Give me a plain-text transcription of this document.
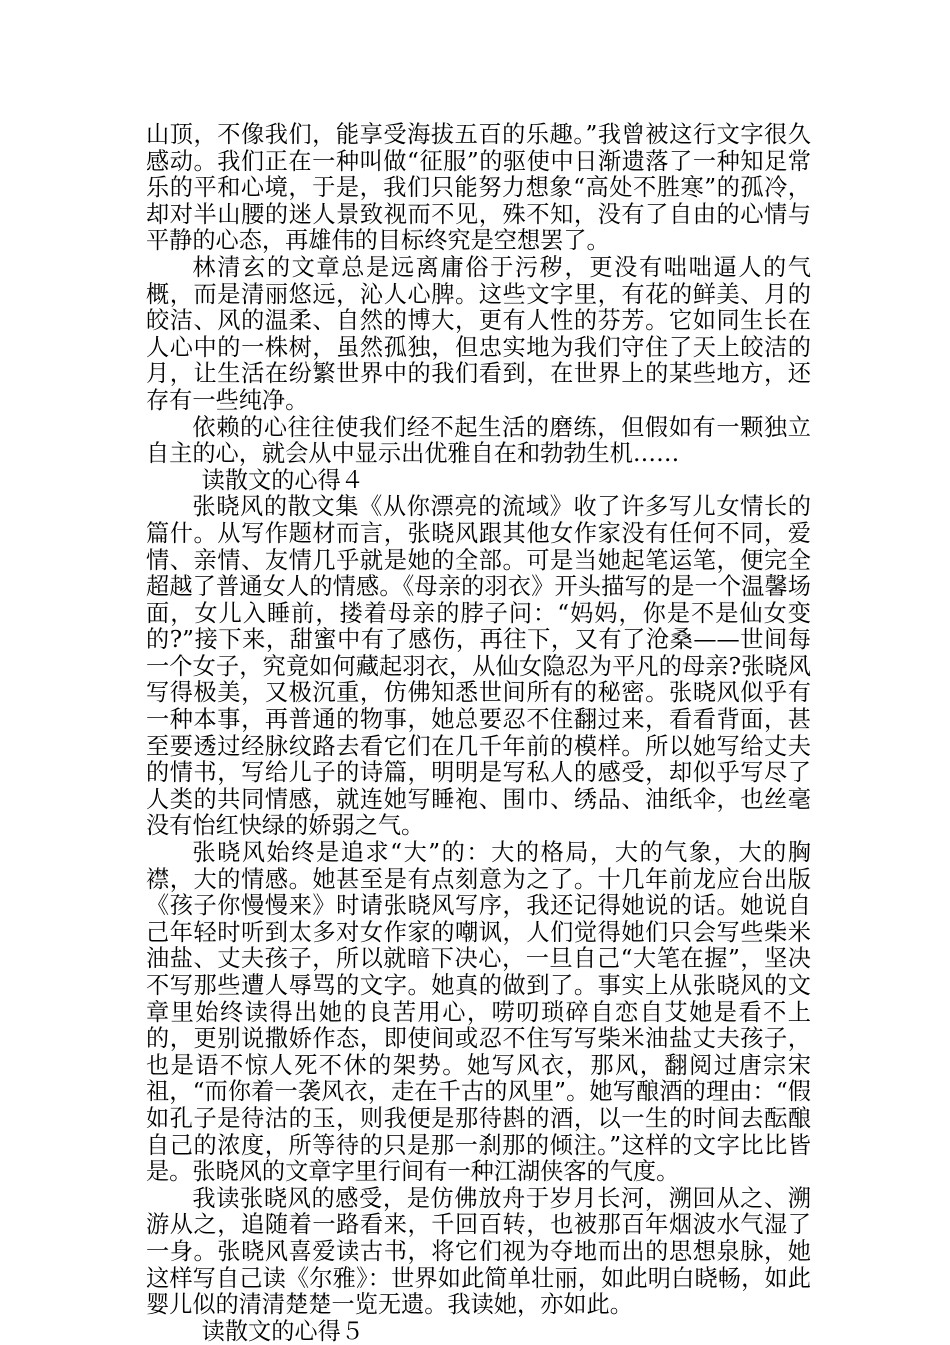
山顶，不像我们，能享受海拔五百的乐趣。”我曾被这行文字很久感动。我们正在一种叫做“征服”的驱使中日渐遗落了一种知足常乐的平和心境，于是，我们只能努力想象“高处不胜寒”的孤冷，却对半山腰的迷人景致视而不见，殊不知，没有了自由的心情与平静的心态，再雄伟的目标终究是空想罢了。

林清玄的文章总是远离庸俗于污秽，更没有咄咄逼人的气概，而是清丽悠远，沁人心脾。这些文字里，有花的鲜美、月的皎洁、风的温柔、自然的博大，更有人性的芬芳。它如同生长在人心中的一株树，虽然孤独，但忠实地为我们守住了天上皎洁的月，让生活在纷繁世界中的我们看到，在世界上的某些地方，还存有一些纯净。

依赖的心往往使我们经不起生活的磨练，但假如有一颗独立自主的心，就会从中显示出优雅自在和勃勃生机……

读散文的心得４

张晓风的散文集《从你漂亮的流域》收了许多写儿女情长的篇什。从写作题材而言，张晓风跟其他女作家没有任何不同，爱情、亲情、友情几乎就是她的全部。可是当她起笔运笔，便完全超越了普通女人的情感。《母亲的羽衣》开头描写的是一个温馨场面，女儿入睡前，搂着母亲的脖子问：“妈妈，你是不是仙女变的?”接下来，甜蜜中有了感伤，再往下，又有了沧桑——世间每一个女子，究竟如何藏起羽衣，从仙女隐忍为平凡的母亲?张晓风写得极美，又极沉重，仿佛知悉世间所有的秘密。张晓风似乎有一种本事，再普通的物事，她总要忍不住翻过来，看看背面，甚至要透过经脉纹路去看它们在几千年前的模样。所以她写给丈夫的情书，写给儿子的诗篇，明明是写私人的感受，却似乎写尽了人类的共同情感，就连她写睡袍、围巾、绣品、油纸伞，也丝毫没有怡红快绿的娇弱之气。

张晓风始终是追求“大”的：大的格局，大的气象，大的胸襟，大的情感。她甚至是有点刻意为之了。十几年前龙应台出版《孩子你慢慢来》时请张晓风写序，我还记得她说的话。她说自己年轻时听到太多对女作家的嘲讽，人们觉得她们只会写些柴米油盐、丈夫孩子，所以就暗下决心，一旦自己“大笔在握”，坚决不写那些遭人辱骂的文字。她真的做到了。事实上从张晓风的文章里始终读得出她的良苦用心，唠叨琐碎自恋自艾她是看不上的，更别说撒娇作态，即使间或忍不住写写柴米油盐丈夫孩子，也是语不惊人死不休的架势。她写风衣，那风，翻阅过唐宗宋祖，“而你着一袭风衣，走在千古的风里”。她写酿酒的理由：“假如孔子是待沽的玉，则我便是那待斟的酒，以一生的时间去酝酿自己的浓度，所等待的只是那一刹那的倾注。”这样的文字比比皆是。张晓风的文章字里行间有一种江湖侠客的气度。

我读张晓风的感受，是仿佛放舟于岁月长河，溯回从之、溯游从之，追随着一路看来，千回百转，也被那百年烟波水气湿了一身。张晓风喜爱读古书，将它们视为夺地而出的思想泉脉，她这样写自己读《尔雅》：世界如此简单壮丽，如此明白晓畅，如此婴儿似的清清楚楚一览无遗。我读她，亦如此。

读散文的心得５
